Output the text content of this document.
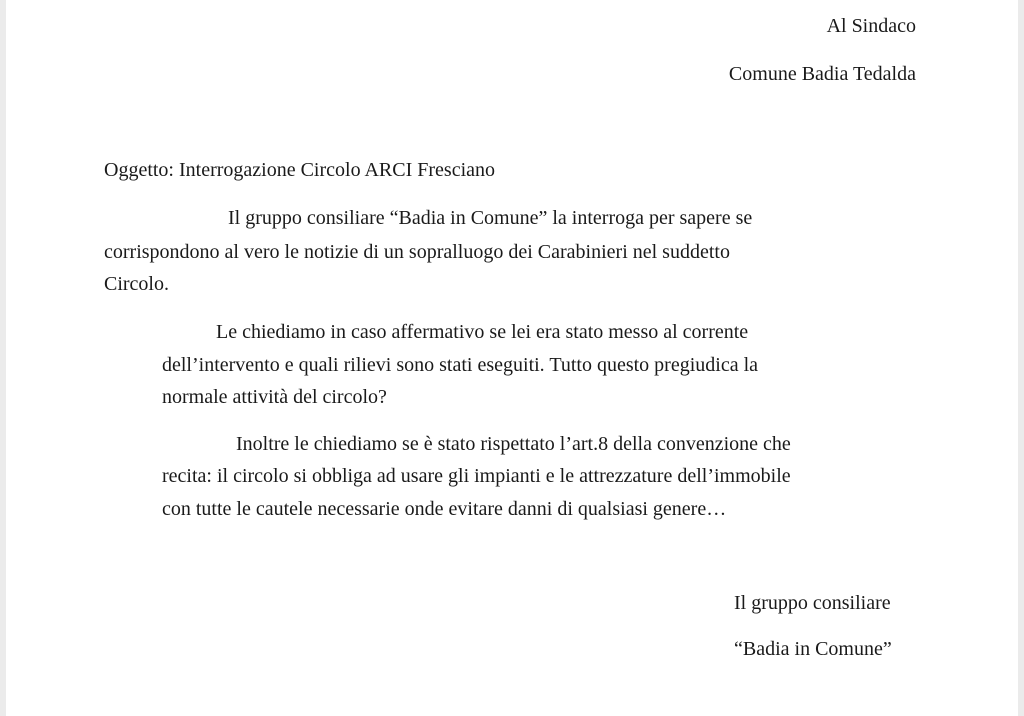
Al Sindaco
Comune Badia Tedalda
Oggetto: Interrogazione Circolo ARCI Fresciano
Il gruppo consiliare “Badia in Comune” la interroga per sapere se
corrispondono al vero le notizie di un sopralluogo dei Carabinieri nel suddetto
Circolo.
Le chiediamo in caso affermativo se lei era stato messo al corrente
dell’intervento e quali rilievi sono stati eseguiti. Tutto questo pregiudica la
normale attività del circolo?
Inoltre le chiediamo se è stato rispettato l’art.8 della convenzione che
recita: il circolo si obbliga ad usare gli impianti e le attrezzature dell’immobile
con tutte le cautele necessarie onde evitare danni di qualsiasi genere…
Il gruppo consiliare
“Badia in Comune”
